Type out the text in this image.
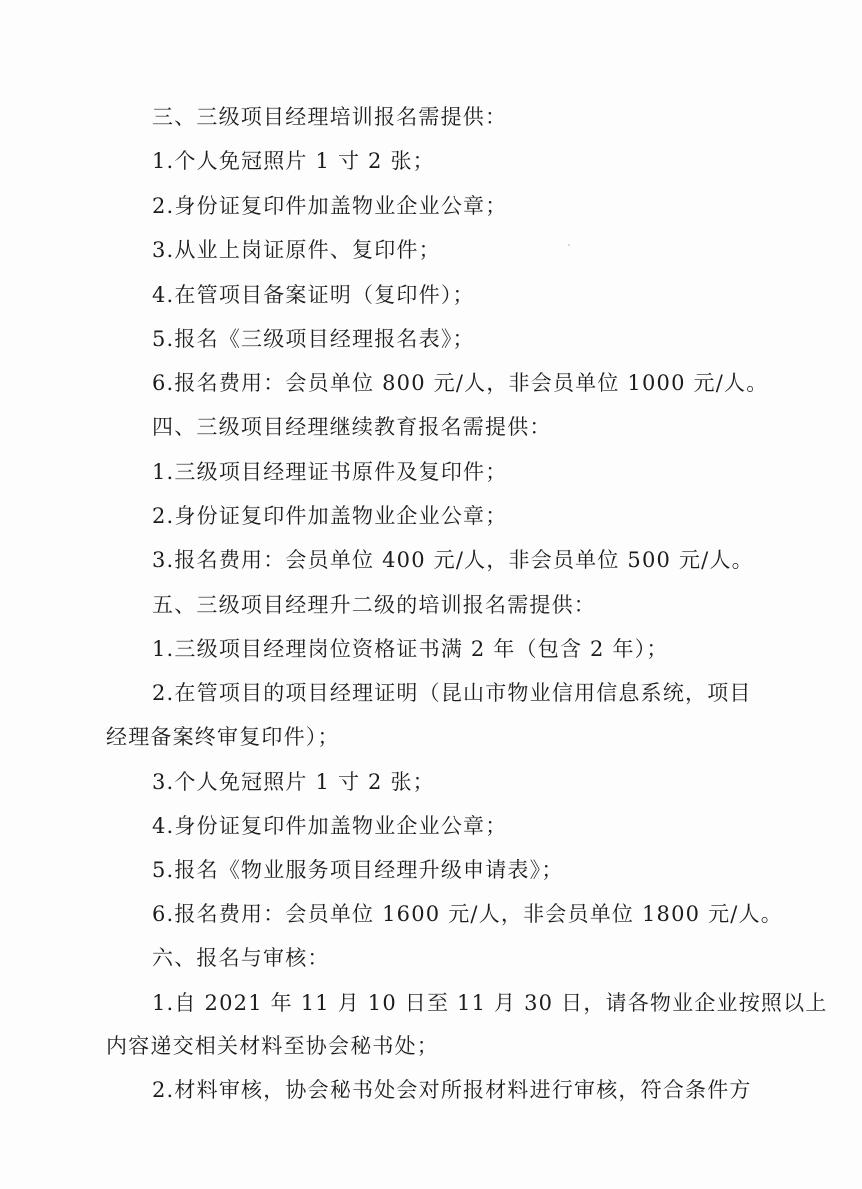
三、三级项目经理培训报名需提供：
1.个人免冠照片 1 寸 2 张；
2.身份证复印件加盖物业企业公章；
3.从业上岗证原件、复印件；
4.在管项目备案证明（复印件）；
5.报名《三级项目经理报名表》；
6.报名费用：会员单位 800 元/人，非会员单位 1000 元/人。
四、三级项目经理继续教育报名需提供：
1.三级项目经理证书原件及复印件；
2.身份证复印件加盖物业企业公章；
3.报名费用：会员单位 400 元/人，非会员单位 500 元/人。
五、三级项目经理升二级的培训报名需提供：
1.三级项目经理岗位资格证书满 2 年（包含 2 年）；
2.在管项目的项目经理证明（昆山市物业信用信息系统，项目
经理备案终审复印件）；
3.个人免冠照片 1 寸 2 张；
4.身份证复印件加盖物业企业公章；
5.报名《物业服务项目经理升级申请表》；
6.报名费用：会员单位 1600 元/人，非会员单位 1800 元/人。
六、报名与审核：
1.自 2021 年 11 月 10 日至 11 月 30 日，请各物业企业按照以上
内容递交相关材料至协会秘书处；
2.材料审核，协会秘书处会对所报材料进行审核，符合条件方
